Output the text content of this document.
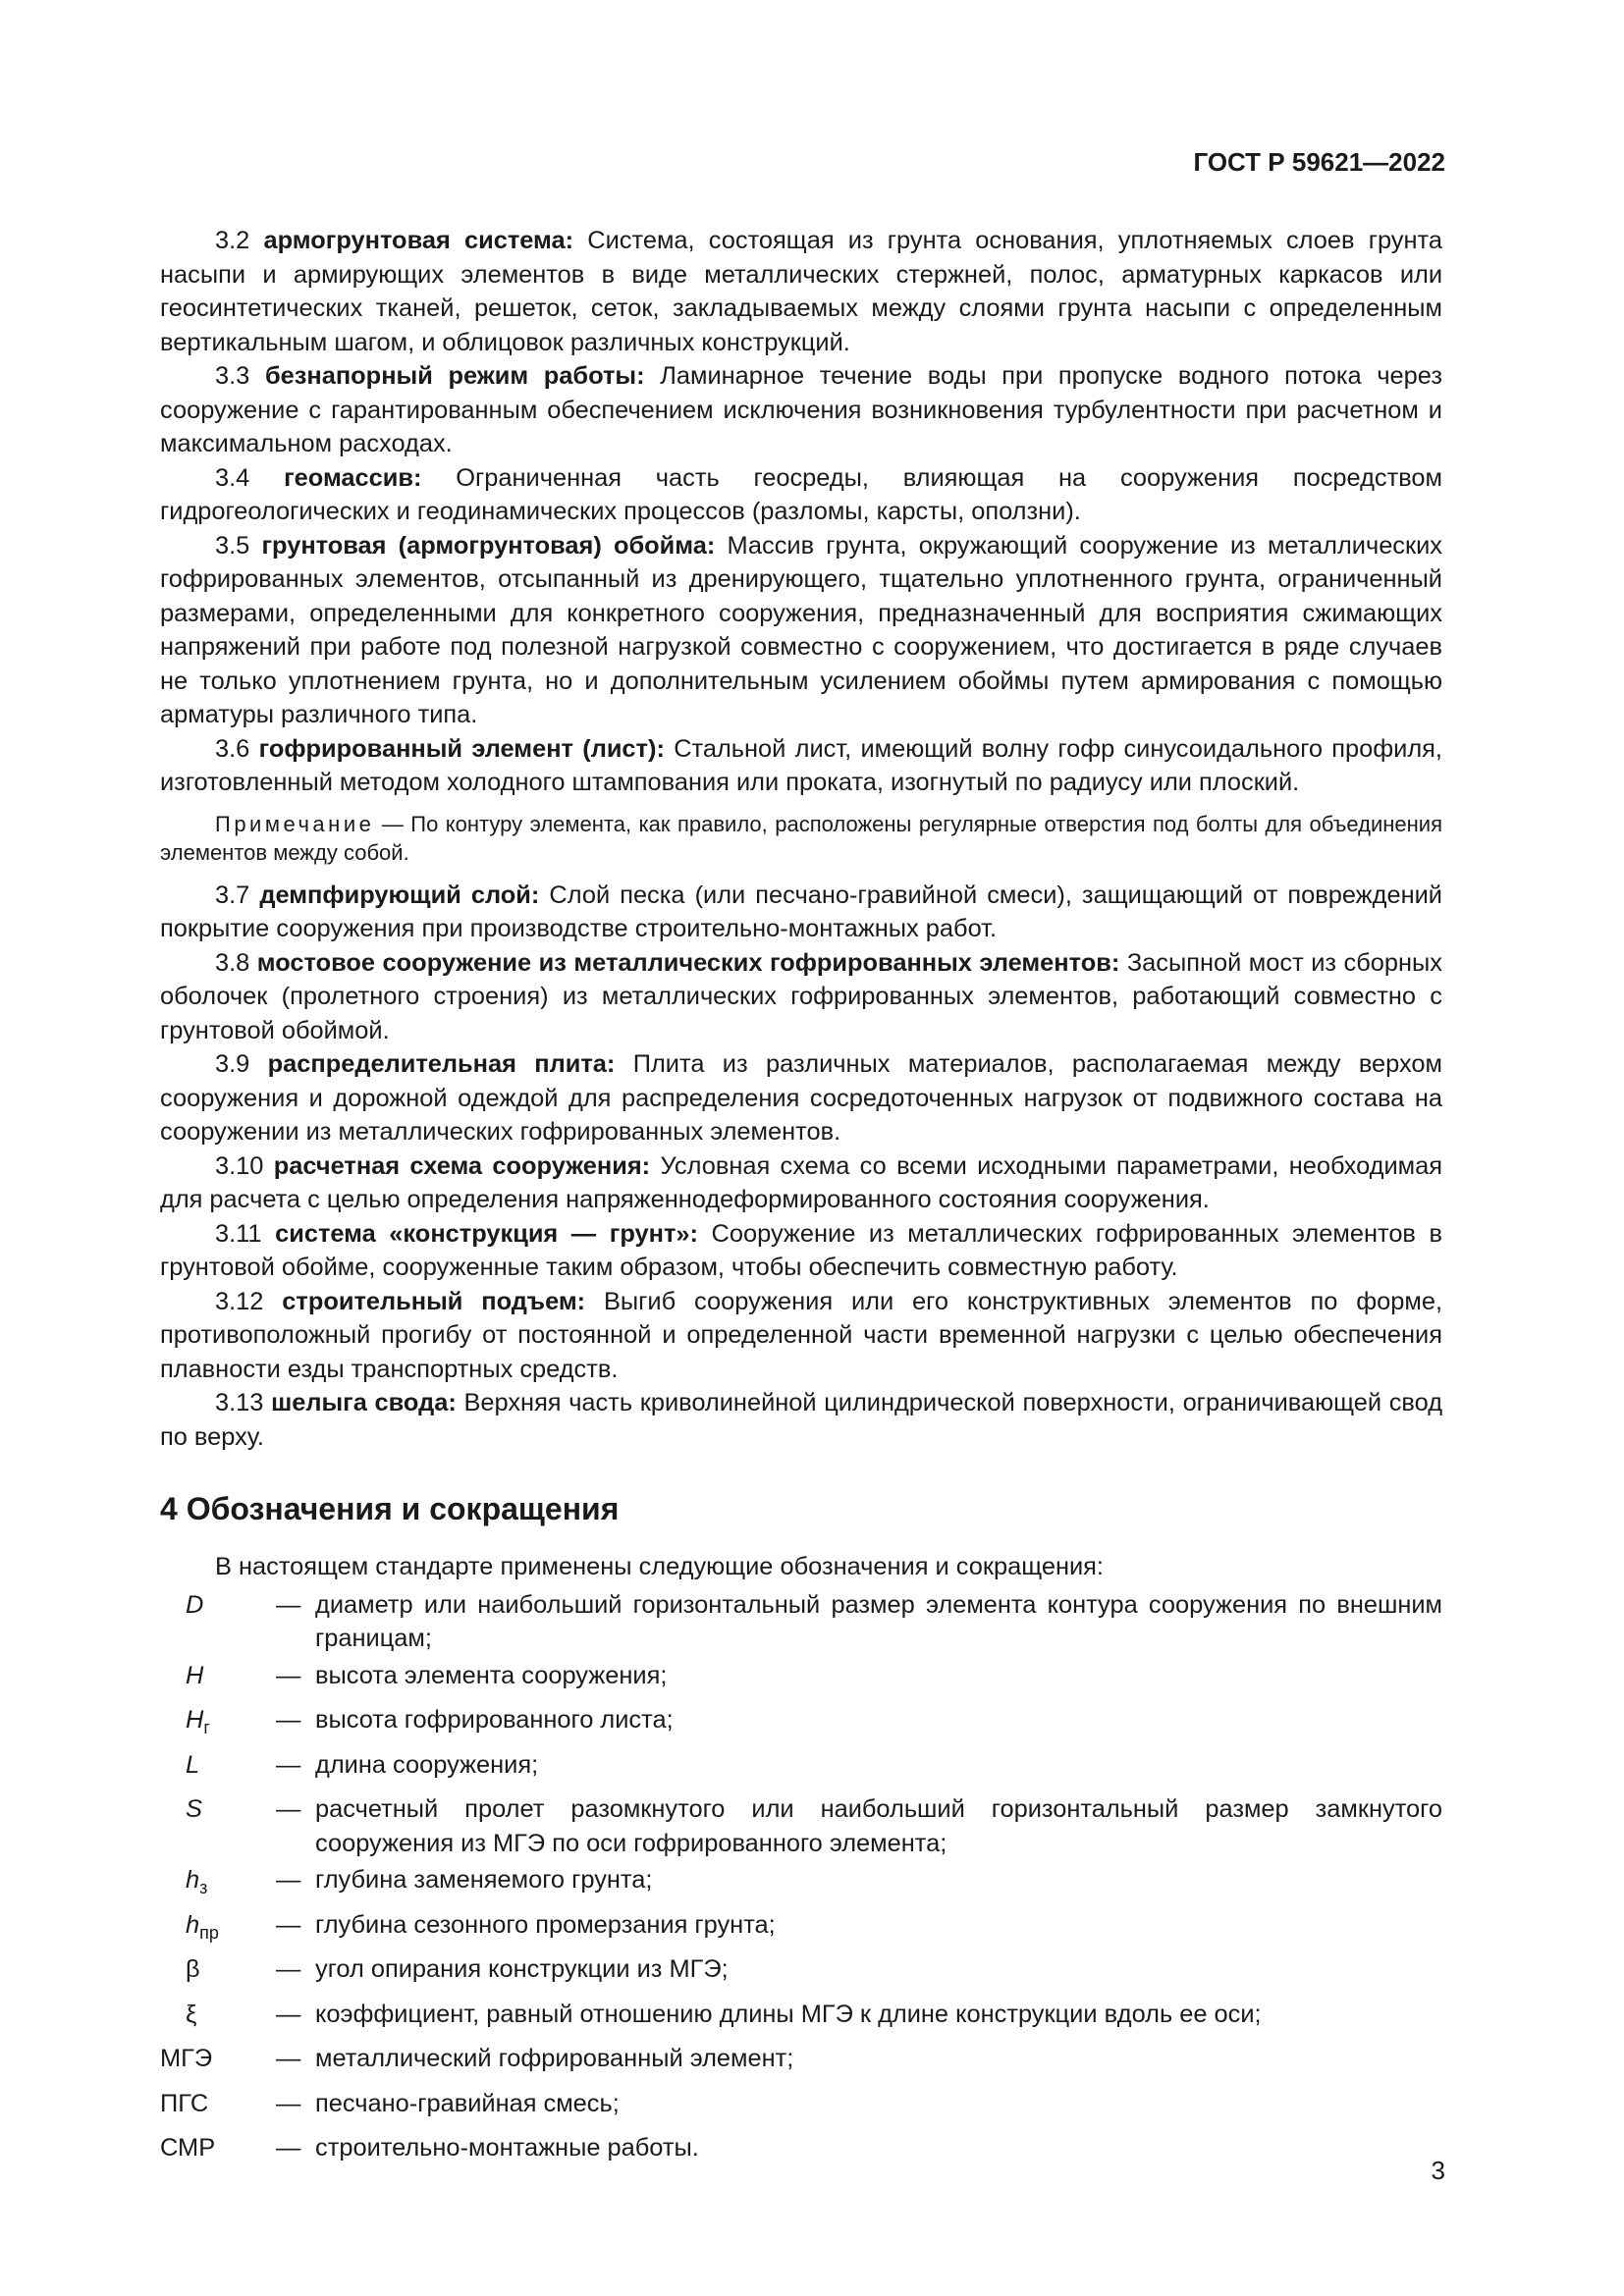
ГОСТ Р 59621—2022

3.2 армогрунтовая система: Система, состоящая из грунта основания, уплотняемых слоев грунта насыпи и армирующих элементов в виде металлических стержней, полос, арматурных каркасов или геосинтетических тканей, решеток, сеток, закладываемых между слоями грунта насыпи с определенным вертикальным шагом, и облицовок различных конструкций.

3.3 безнапорный режим работы: Ламинарное течение воды при пропуске водного потока через сооружение с гарантированным обеспечением исключения возникновения турбулентности при расчетном и максимальном расходах.

3.4 геомассив: Ограниченная часть геосреды, влияющая на сооружения посредством гидрогеологических и геодинамических процессов (разломы, карсты, оползни).

3.5 грунтовая (армогрунтовая) обойма: Массив грунта, окружающий сооружение из металлических гофрированных элементов, отсыпанный из дренирующего, тщательно уплотненного грунта, ограниченный размерами, определенными для конкретного сооружения, предназначенный для восприятия сжимающих напряжений при работе под полезной нагрузкой совместно с сооружением, что достигается в ряде случаев не только уплотнением грунта, но и дополнительным усилением обоймы путем армирования с помощью арматуры различного типа.

3.6 гофрированный элемент (лист): Стальной лист, имеющий волну гофр синусоидального профиля, изготовленный методом холодного штампования или проката, изогнутый по радиусу или плоский.

Примечание — По контуру элемента, как правило, расположены регулярные отверстия под болты для объединения элементов между собой.

3.7 демпфирующий слой: Слой песка (или песчано-гравийной смеси), защищающий от повреждений покрытие сооружения при производстве строительно-монтажных работ.

3.8 мостовое сооружение из металлических гофрированных элементов: Засыпной мост из сборных оболочек (пролетного строения) из металлических гофрированных элементов, работающий совместно с грунтовой обоймой.

3.9 распределительная плита: Плита из различных материалов, располагаемая между верхом сооружения и дорожной одеждой для распределения сосредоточенных нагрузок от подвижного состава на сооружении из металлических гофрированных элементов.

3.10 расчетная схема сооружения: Условная схема со всеми исходными параметрами, необходимая для расчета с целью определения напряженнодеформированного состояния сооружения.

3.11 система «конструкция — грунт»: Сооружение из металлических гофрированных элементов в грунтовой обойме, сооруженные таким образом, чтобы обеспечить совместную работу.

3.12 строительный подъем: Выгиб сооружения или его конструктивных элементов по форме, противоположный прогибу от постоянной и определенной части временной нагрузки с целью обеспечения плавности езды транспортных средств.

3.13 шелыга свода: Верхняя часть криволинейной цилиндрической поверхности, ограничивающей свод по верху.

4 Обозначения и сокращения

В настоящем стандарте применены следующие обозначения и сокращения:

D	— диаметр или наибольший горизонтальный размер элемента контура сооружения по внешним границам;
H	— высота элемента сооружения;
$H_г$	— высота гофрированного листа;
L	— длина сооружения;
S	— расчетный пролет разомкнутого или наибольший горизонтальный размер замкнутого сооружения из МГЭ по оси гофрированного элемента;
$h_з$	— глубина заменяемого грунта;
$h_{пр}$	— глубина сезонного промерзания грунта;
β	— угол опирания конструкции из МГЭ;
ξ	— коэффициент, равный отношению длины МГЭ к длине конструкции вдоль ее оси;
МГЭ	— металлический гофрированный элемент;
ПГС	— песчано-гравийная смесь;
СМР	— строительно-монтажные работы.
3
